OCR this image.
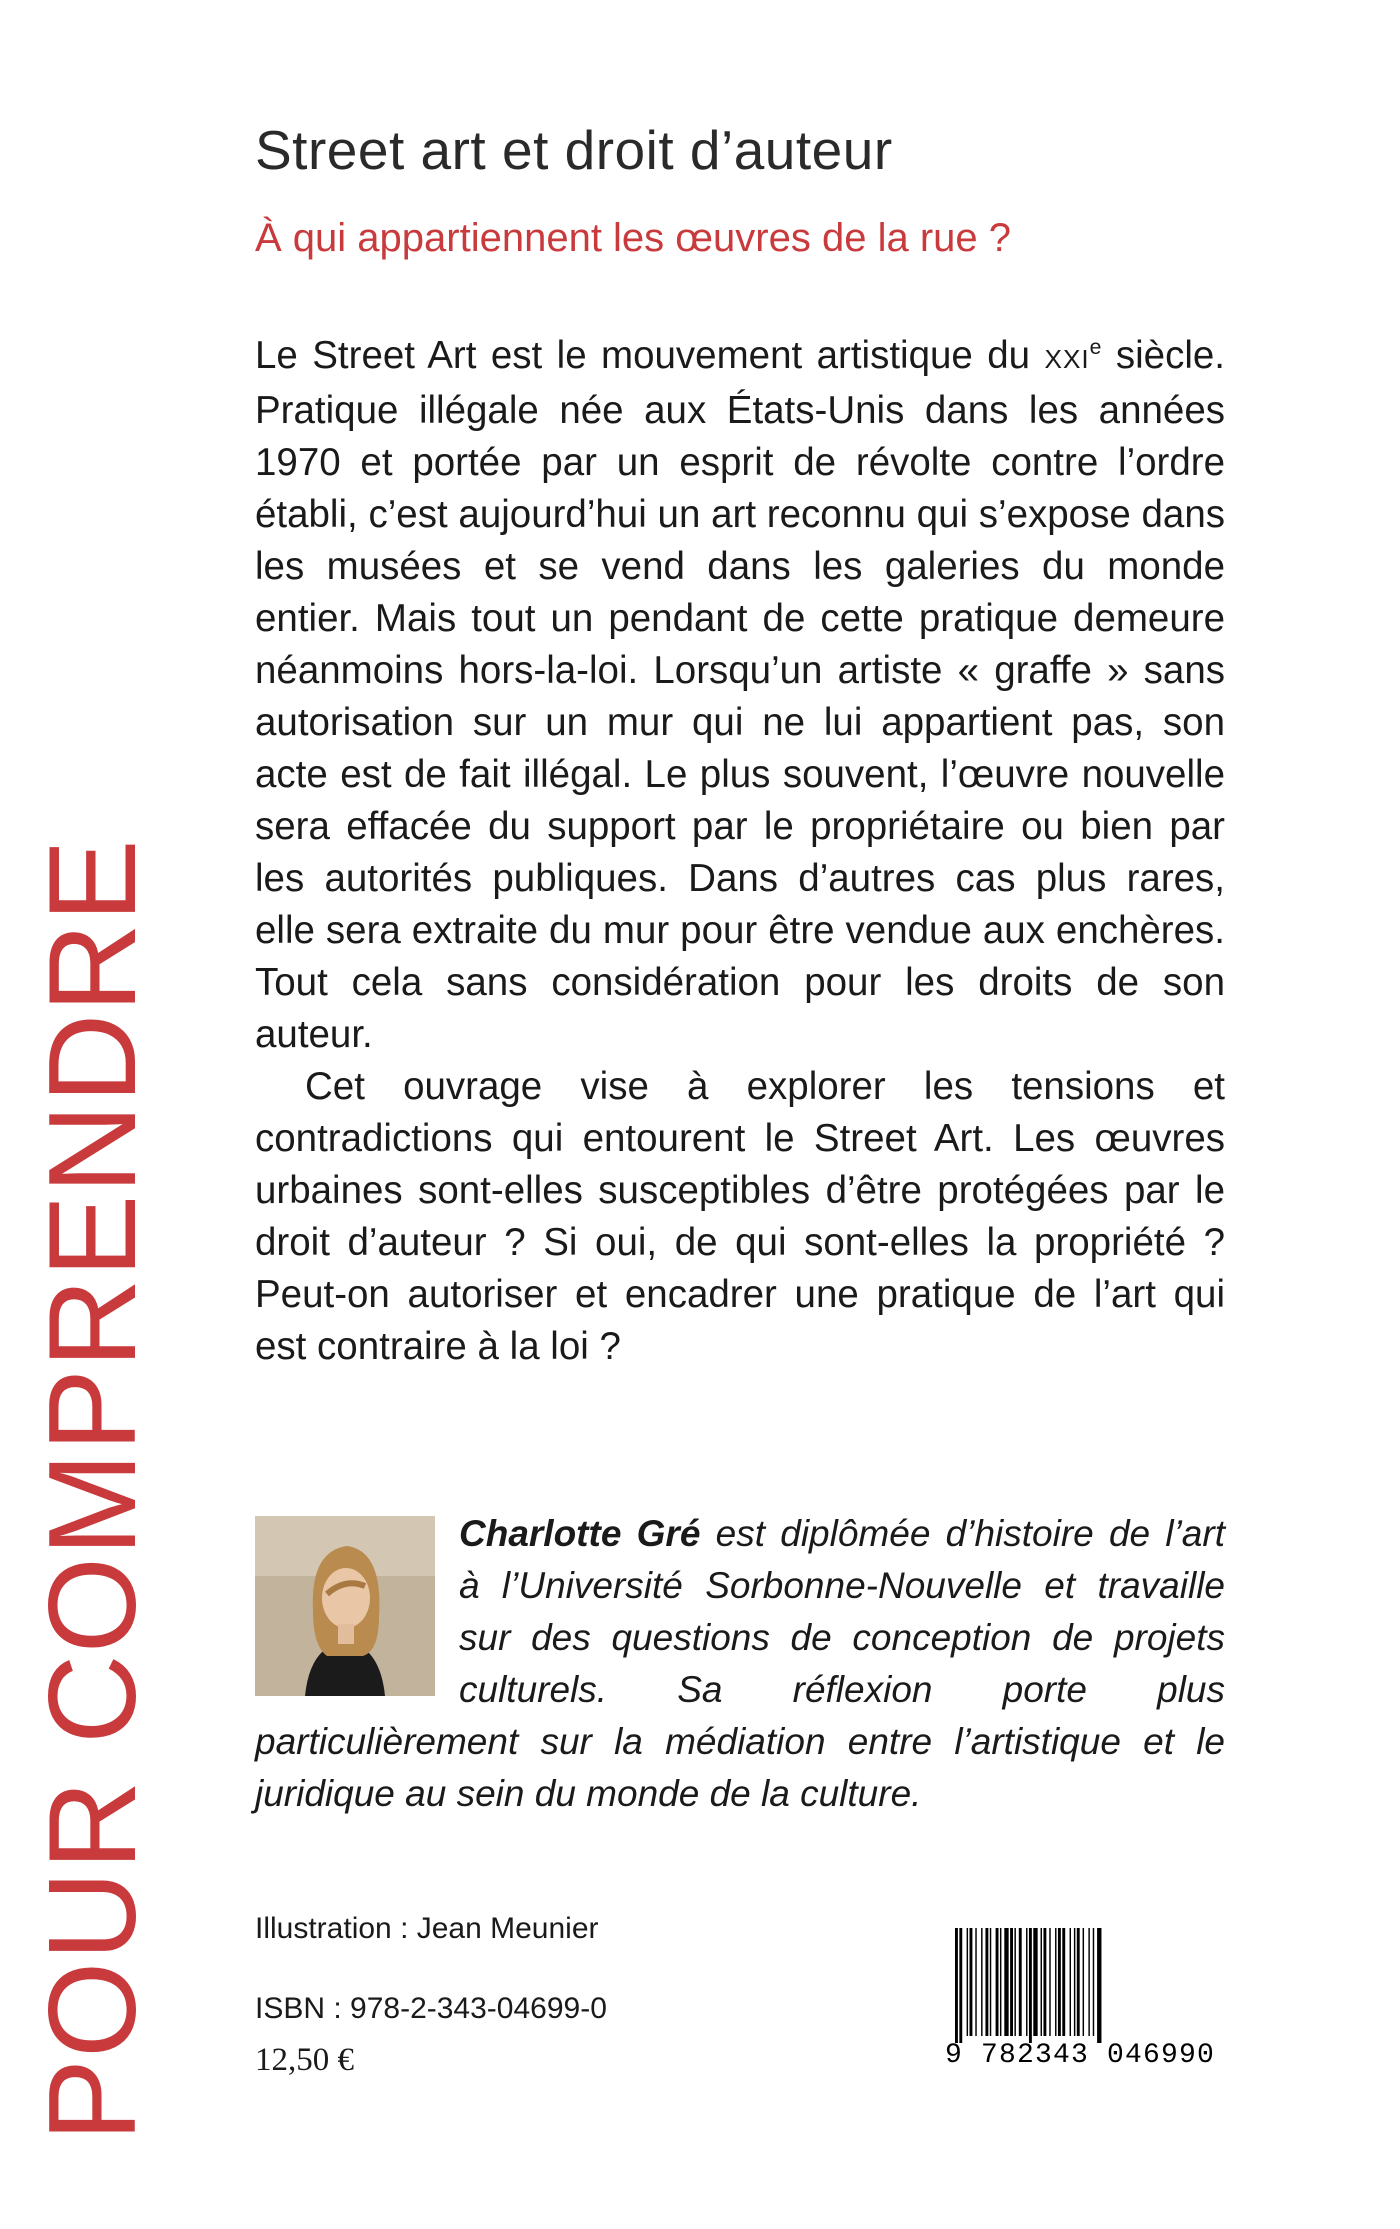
POUR COMPRENDRE
Street art et droit d’auteur
À qui appartiennent les œuvres de la rue ?

Le Street Art est le mouvement artistique du XXIe siècle. Pratique illégale née aux États-Unis dans les années 1970 et portée par un esprit de révolte contre l’ordre établi, c’est aujourd’hui un art reconnu qui s’expose dans les musées et se vend dans les galeries du monde entier. Mais tout un pendant de cette pratique demeure néanmoins hors-la-loi. Lorsqu’un artiste « graffe » sans autorisation sur un mur qui ne lui appartient pas, son acte est de fait illégal. Le plus souvent, l’œuvre nouvelle sera effacée du support par le propriétaire ou bien par les autorités publiques. Dans d’autres cas plus rares, elle sera extraite du mur pour être vendue aux enchères. Tout cela sans considération pour les droits de son auteur.

Cet ouvrage vise à explorer les tensions et contradictions qui entourent le Street Art. Les œuvres urbaines sont-elles susceptibles d’être protégées par le droit d’auteur ? Si oui, de qui sont-elles la propriété ? Peut-on autoriser et encadrer une pratique de l’art qui est contraire à la loi ?

Charlotte Gré est diplômée d’histoire de l’art à l’Université Sorbonne-Nouvelle et travaille sur des questions de conception de projets culturels. Sa réflexion porte plus particulièrement sur la médiation entre l’artistique et le juridique au sein du monde de la culture.

Illustration : Jean Meunier

ISBN : 978-2-343-04699-0

12,50 €	9 782343 046990
